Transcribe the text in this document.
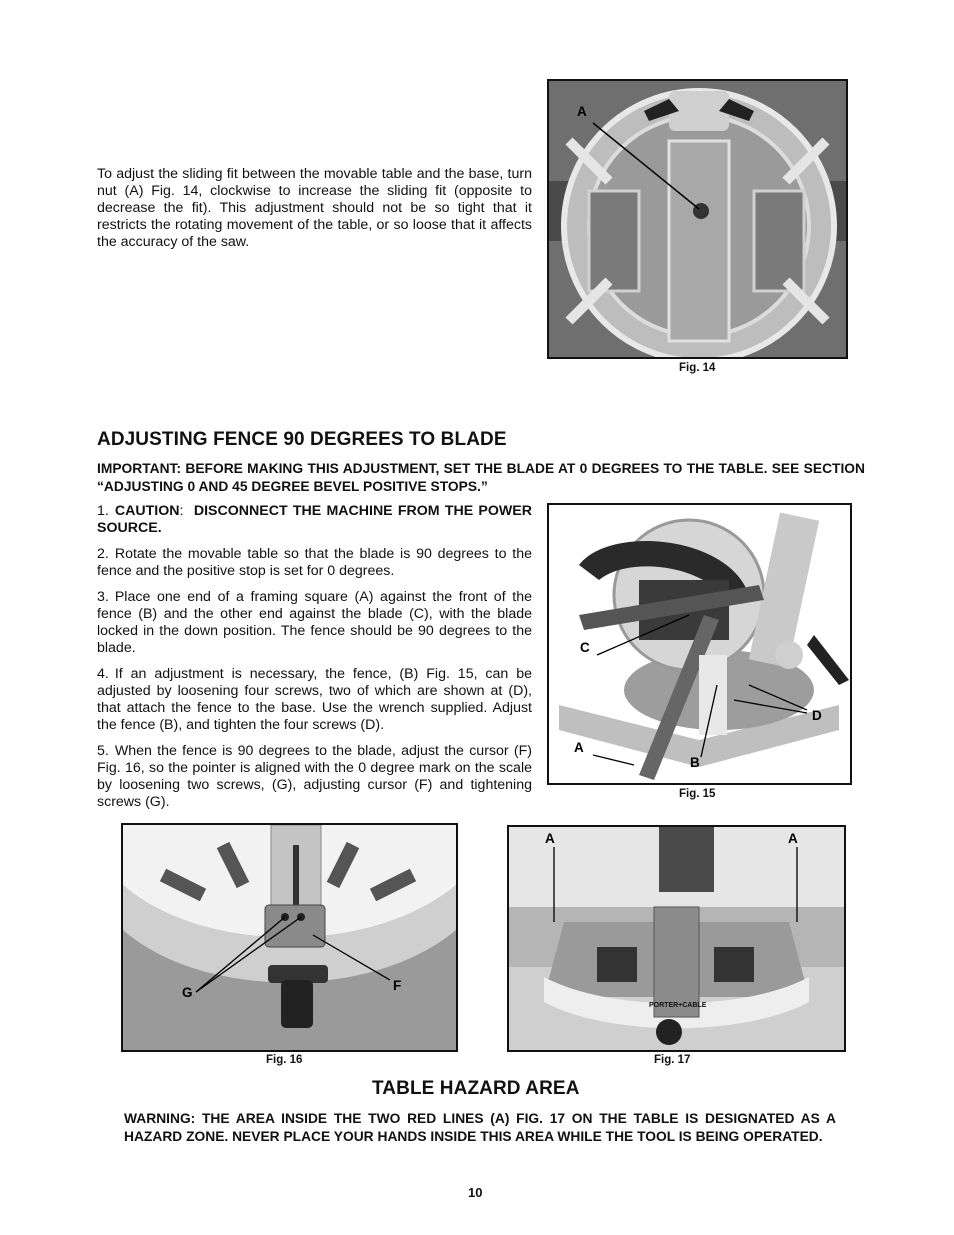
To adjust the sliding fit between the movable table and the base, turn nut (A) Fig. 14, clockwise to increase the sliding fit (opposite to decrease the fit). This adjustment should not be so tight that it restricts the rotating movement of the table, or so loose that it affects the accuracy of the saw.
A
Fig. 14
ADJUSTING FENCE 90 DEGREES TO BLADE
IMPORTANT: BEFORE MAKING THIS ADJUSTMENT, SET THE BLADE AT 0 DEGREES TO THE TABLE. SEE SECTION “ADJUSTING 0 AND 45 DEGREE BEVEL POSITIVE STOPS.”

1. CAUTION: DISCONNECT THE MACHINE FROM THE POWER SOURCE.

2. Rotate the movable table so that the blade is 90 degrees to the fence and the positive stop is set for 0 degrees.

3. Place one end of a framing square (A) against the front of the fence (B) and the other end against the blade (C), with the blade locked in the down position. The fence should be 90 degrees to the blade.

4. If an adjustment is necessary, the fence, (B) Fig. 15, can be adjusted by loosening four screws, two of which are shown at (D), that attach the fence to the base. Use the wrench supplied. Adjust the fence (B), and tighten the four screws (D).

5. When the fence is 90 degrees to the blade, adjust the cursor (F) Fig. 16, so the pointer is aligned with the 0 degree mark on the scale by loosening two screws, (G), adjusting cursor (F) and tightening screws (G).

C
A
B
D
Fig. 15
G	F
Fig. 16
PORTER+CABLE
A	A
Fig. 17
TABLE HAZARD AREA
WARNING: THE AREA INSIDE THE TWO RED LINES (A) FIG. 17 ON THE TABLE IS DESIGNATED AS A HAZARD ZONE. NEVER PLACE YOUR HANDS INSIDE THIS AREA WHILE THE TOOL IS BEING OPERATED.
10
